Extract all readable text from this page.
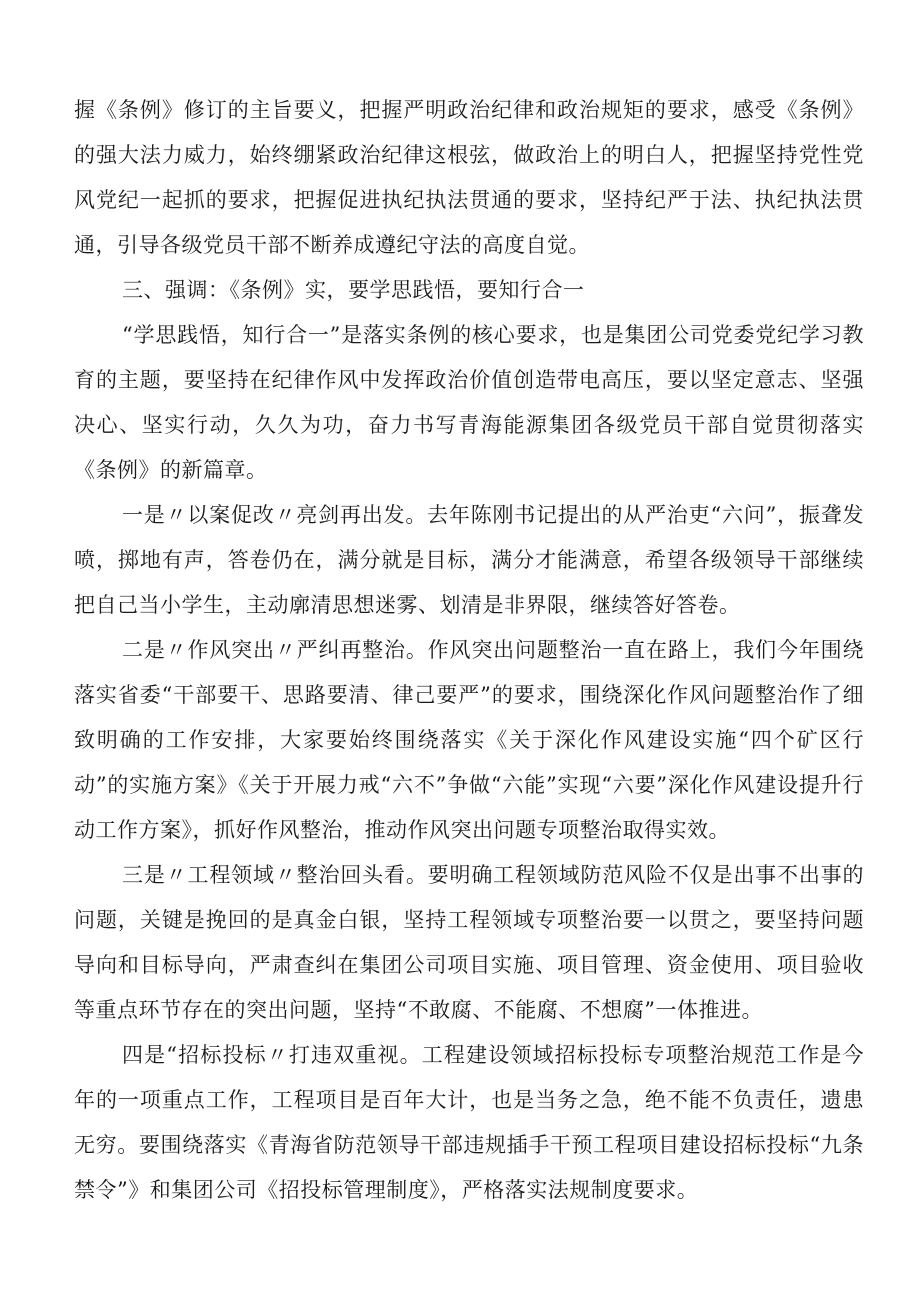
握《条例》修订的主旨要义，把握严明政治纪律和政治规矩的要求，感受《条例》的强大法力威力，始终绷紧政治纪律这根弦，做政治上的明白人，把握坚持党性党风党纪一起抓的要求，把握促进执纪执法贯通的要求，坚持纪严于法、执纪执法贯通，引导各级党员干部不断养成遵纪守法的高度自觉。

三、强调：《条例》实，要学思践悟，要知行合一

“学思践悟，知行合一”是落实条例的核心要求，也是集团公司党委党纪学习教育的主题，要坚持在纪律作风中发挥政治价值创造带电高压，要以坚定意志、坚强决心、坚实行动，久久为功，奋力书写青海能源集团各级党员干部自觉贯彻落实《条例》的新篇章。

一是〃以案促改〃亮剑再出发。去年陈刚书记提出的从严治吏“六问”，振聋发喷，掷地有声，答卷仍在，满分就是目标，满分才能满意，希望各级领导干部继续把自己当小学生，主动廓清思想迷雾、划清是非界限，继续答好答卷。

二是〃作风突出〃严纠再整治。作风突出问题整治一直在路上，我们今年围绕落实省委“干部要干、思路要清、律己要严”的要求，围绕深化作风问题整治作了细致明确的工作安排，大家要始终围绕落实《关于深化作风建设实施“四个矿区行动”的实施方案》《关于开展力戒“六不”争做“六能”实现“六要”深化作风建设提升行动工作方案》，抓好作风整治，推动作风突出问题专项整治取得实效。

三是〃工程领域〃整治回头看。要明确工程领域防范风险不仅是出事不出事的问题，关键是挽回的是真金白银，坚持工程领域专项整治要一以贯之，要坚持问题导向和目标导向，严肃查纠在集团公司项目实施、项目管理、资金使用、项目验收等重点环节存在的突出问题，坚持“不敢腐、不能腐、不想腐”一体推进。

四是“招标投标〃打违双重视。工程建设领域招标投标专项整治规范工作是今年的一项重点工作，工程项目是百年大计，也是当务之急，绝不能不负责任，遗患无穷。要围绕落实《青海省防范领导干部违规插手干预工程项目建设招标投标“九条禁令”》和集团公司《招投标管理制度》，严格落实法规制度要求。
